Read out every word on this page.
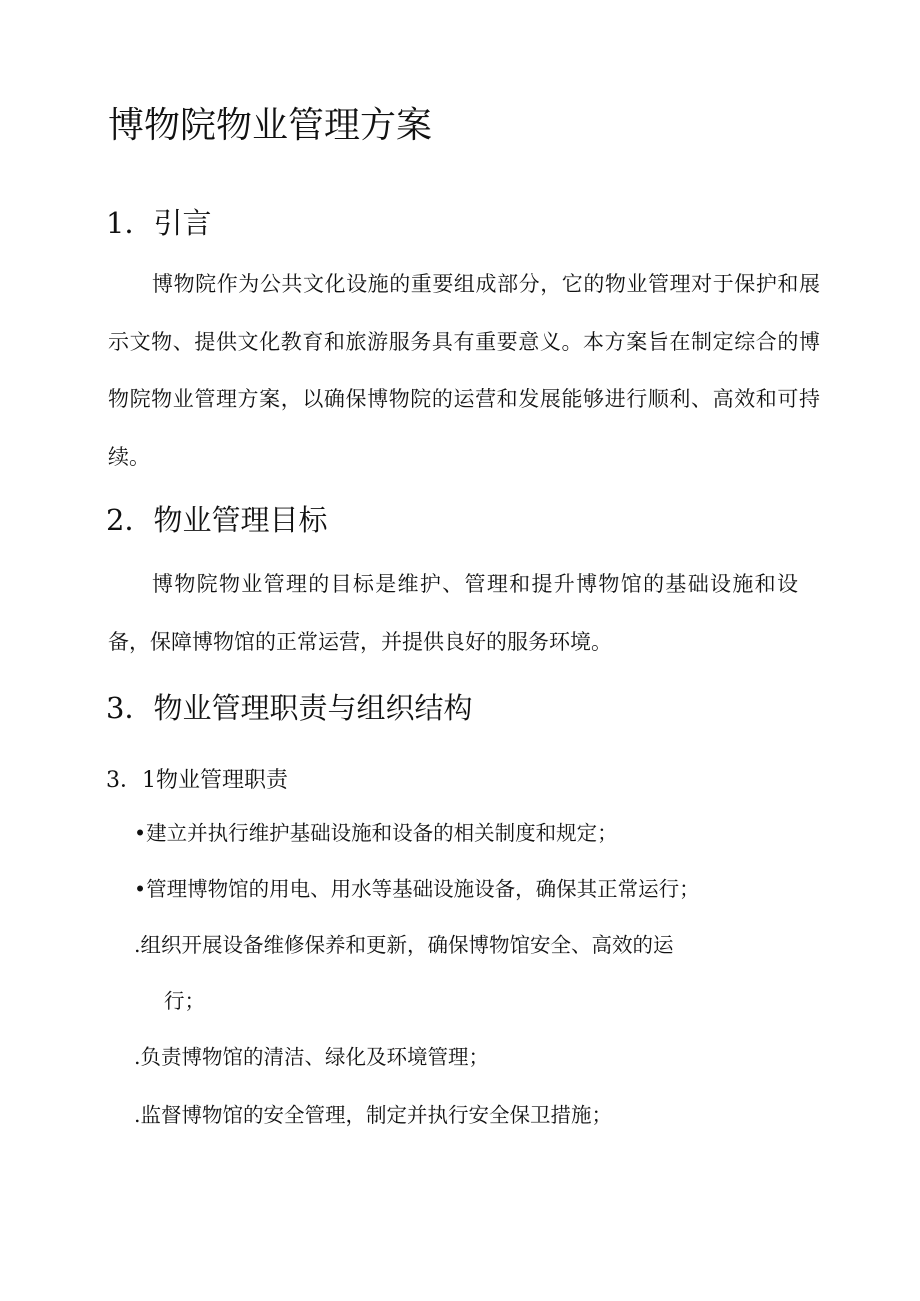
博物院物业管理方案
1．引言

博物院作为公共文化设施的重要组成部分，它的物业管理对于保护和展示文物、提供文化教育和旅游服务具有重要意义。本方案旨在制定综合的博物院物业管理方案，以确保博物院的运营和发展能够进行顺利、高效和可持续。

2．物业管理目标

博物院物业管理的目标是维护、管理和提升博物馆的基础设施和设备，保障博物馆的正常运营，并提供良好的服务环境。

3．物业管理职责与组织结构
3．1物业管理职责
•建立并执行维护基础设施和设备的相关制度和规定；
•管理博物馆的用电、用水等基础设施设备，确保其正常运行；
.组织开展设备维修保养和更新，确保博物馆安全、高效的运
行；
.负责博物馆的清洁、绿化及环境管理；
.监督博物馆的安全管理，制定并执行安全保卫措施；
